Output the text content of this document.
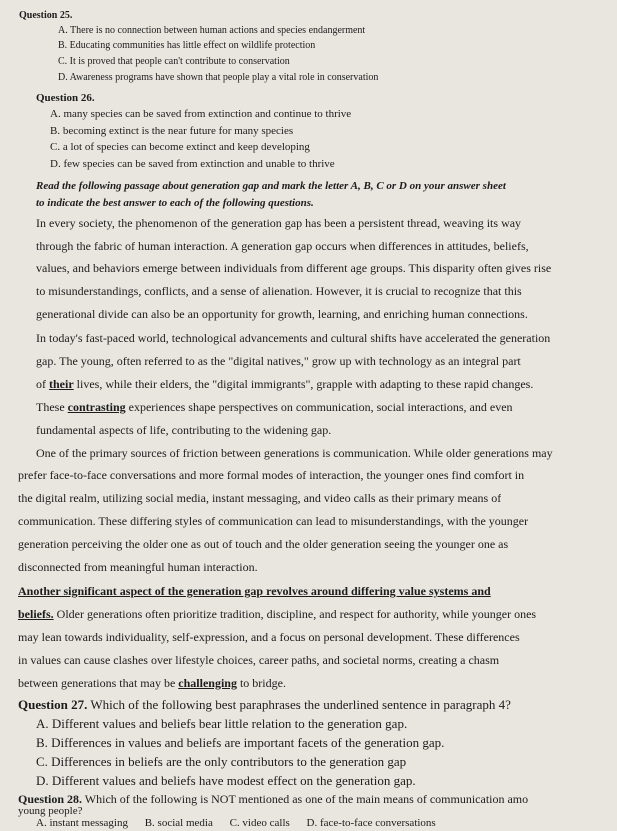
Question 25.
A. There is no connection between human actions and species endangerment
B. Educating communities has little effect on wildlife protection
C. It is proved that people can't contribute to conservation
D. Awareness programs have shown that people play a vital role in conservation
Question 26.
A. many species can be saved from extinction and continue to thrive
B. becoming extinct is the near future for many species
C. a lot of species can become extinct and keep developing
D. few species can be saved from extinction and unable to thrive
Read the following passage about generation gap and mark the letter A, B, C or D on your answer sheet
to indicate the best answer to each of the following questions.
In every society, the phenomenon of the generation gap has been a persistent thread, weaving its way
through the fabric of human interaction. A generation gap occurs when differences in attitudes, beliefs,
values, and behaviors emerge between individuals from different age groups. This disparity often gives rise
to misunderstandings, conflicts, and a sense of alienation. However, it is crucial to recognize that this
generational divide can also be an opportunity for growth, learning, and enriching human connections.
In today's fast-paced world, technological advancements and cultural shifts have accelerated the generation
gap. The young, often referred to as the "digital natives," grow up with technology as an integral part
of their lives, while their elders, the "digital immigrants", grapple with adapting to these rapid changes.
These contrasting experiences shape perspectives on communication, social interactions, and even
fundamental aspects of life, contributing to the widening gap.
One of the primary sources of friction between generations is communication. While older generations may
prefer face-to-face conversations and more formal modes of interaction, the younger ones find comfort in
the digital realm, utilizing social media, instant messaging, and video calls as their primary means of
communication. These differing styles of communication can lead to misunderstandings, with the younger
generation perceiving the older one as out of touch and the older generation seeing the younger one as
disconnected from meaningful human interaction.
Another significant aspect of the generation gap revolves around differing value systems and
beliefs. Older generations often prioritize tradition, discipline, and respect for authority, while younger ones
may lean towards individuality, self-expression, and a focus on personal development. These differences
in values can cause clashes over lifestyle choices, career paths, and societal norms, creating a chasm
between generations that may be challenging to bridge.
Question 27. Which of the following best paraphrases the underlined sentence in paragraph 4?
A. Different values and beliefs bear little relation to the generation gap.
B. Differences in values and beliefs are important facets of the generation gap.
C. Differences in beliefs are the only contributors to the generation gap
D. Different values and beliefs have modest effect on the generation gap.
Question 28. Which of the following is NOT mentioned as one of the main means of communication amo
young people?
A. instant messaging B. social media C. video calls D. face-to-face conversations
